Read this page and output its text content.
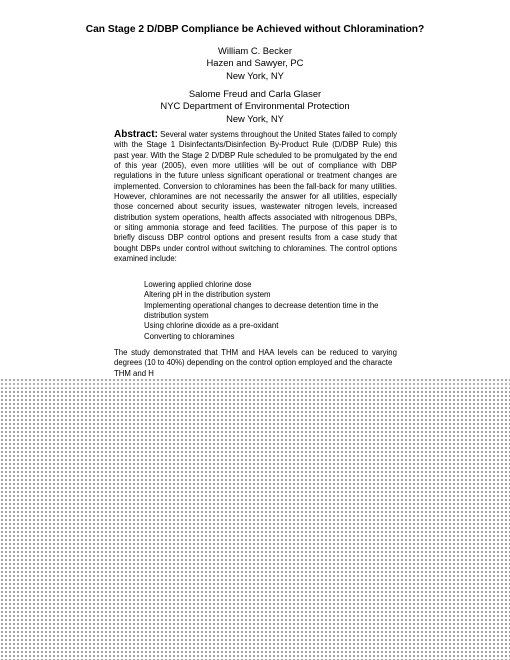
Can Stage 2 D/DBP Compliance be Achieved without Chloramination?
William C. Becker
Hazen and Sawyer, PC
New York, NY
Salome Freud and Carla Glaser
NYC Department of Environmental Protection
New York, NY
Abstract: Several water systems throughout the United States failed to comply with the Stage 1 Disinfectants/Disinfection By-Product Rule (D/DBP Rule) this past year. With the Stage 2 D/DBP Rule scheduled to be promulgated by the end of this year (2005), even more utilities will be out of compliance with DBP regulations in the future unless significant operational or treatment changes are implemented. Conversion to chloramines has been the fall-back for many utilities. However, chloramines are not necessarily the answer for all utilities, especially those concerned about security issues, wastewater nitrogen levels, increased distribution system operations, health affects associated with nitrogenous DBPs, or siting ammonia storage and feed facilities. The purpose of this paper is to briefly discuss DBP control options and present results from a case study that bought DBPs under control without switching to chloramines. The control options examined include:
Lowering applied chlorine dose
Altering pH in the distribution system
Implementing operational changes to decrease detention time in the distribution system
Using chlorine dioxide as a pre-oxidant
Converting to chloramines

The study demonstrated that THM and HAA levels can be reduced to varying degrees (10 to 40%) depending on the control option employed and the characte

THM and H
